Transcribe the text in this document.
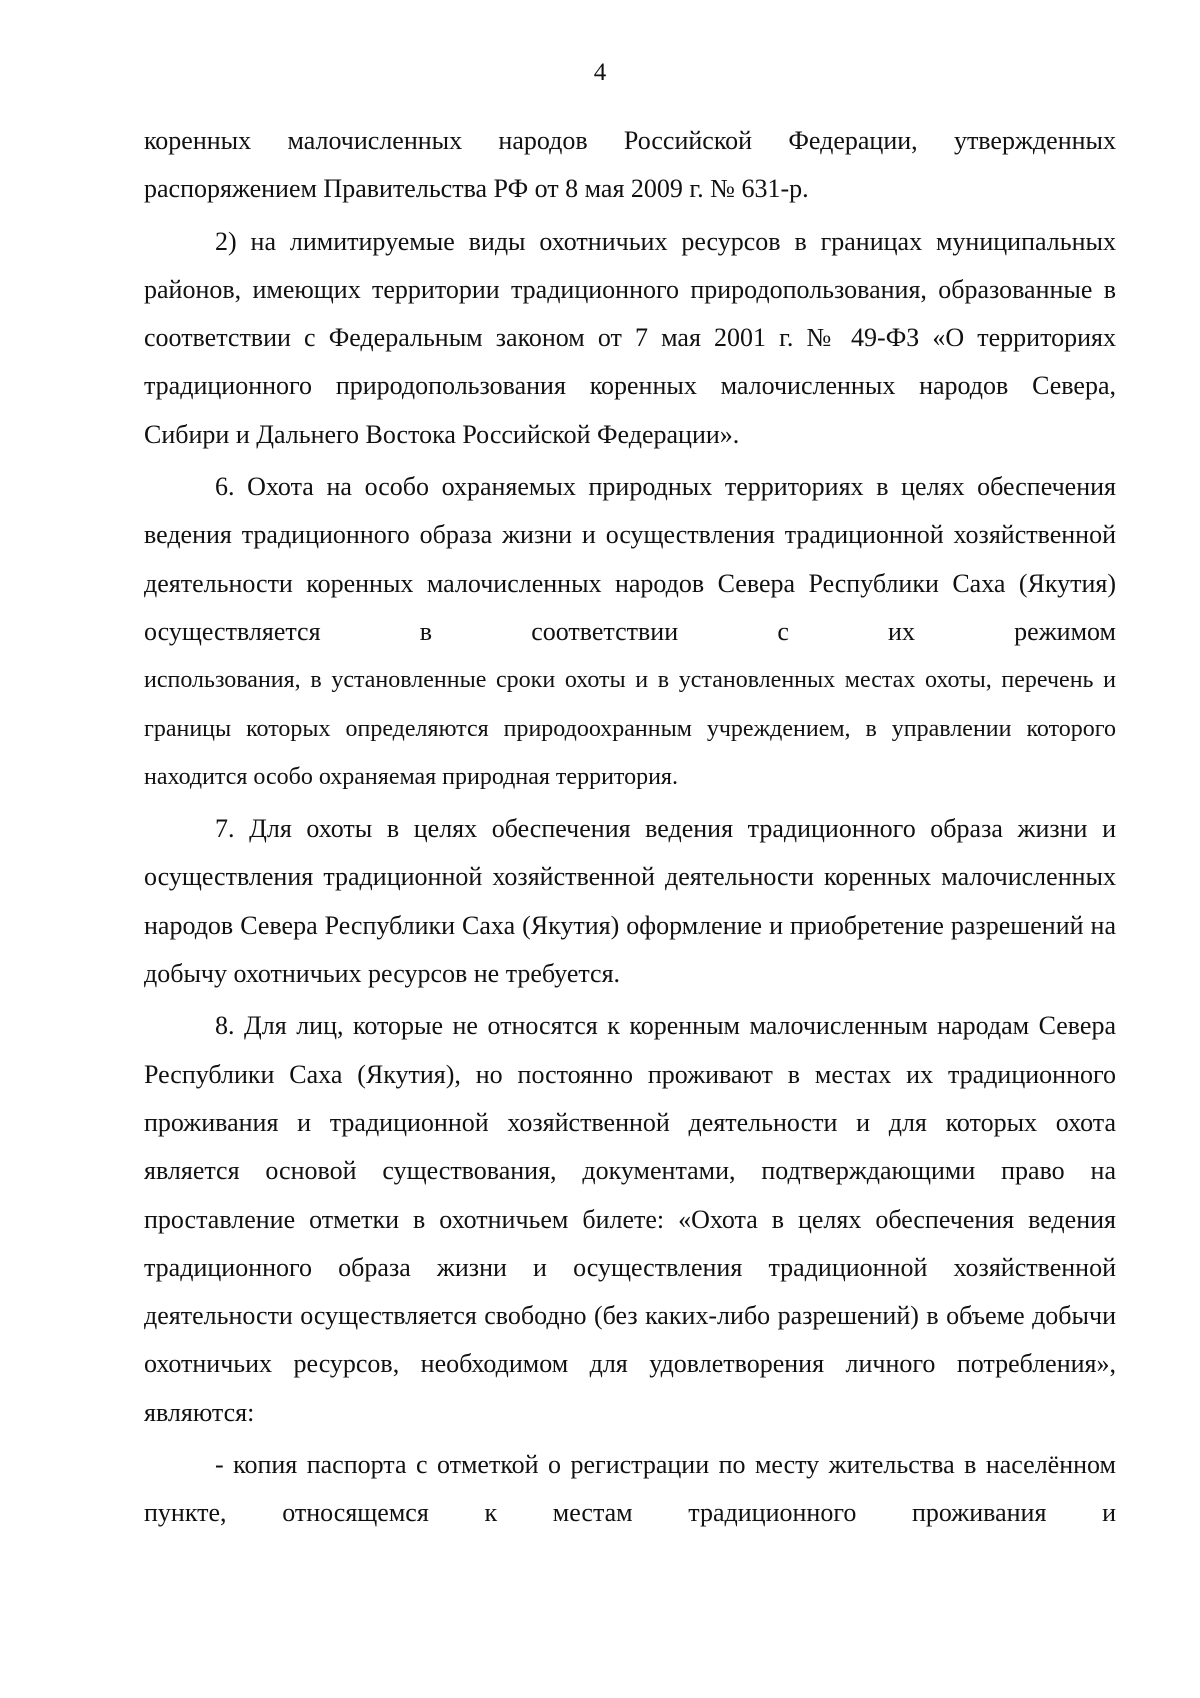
4

коренных малочисленных народов Российской Федерации, утвержденных распоряжением Правительства РФ от 8 мая 2009 г. № 631-р.

2) на лимитируемые виды охотничьих ресурсов в границах муниципальных районов, имеющих территории традиционного природопользования, образованные в соответствии с Федеральным законом от 7 мая 2001 г. № 49-ФЗ «О территориях традиционного природопользования коренных малочисленных народов Севера, Сибири и Дальнего Востока Российской Федерации».

6. Охота на особо охраняемых природных территориях в целях обеспечения ведения традиционного образа жизни и осуществления традиционной хозяйственной деятельности коренных малочисленных народов Севера Республики Саха (Якутия) осуществляется в соответствии с их режимом

использования, в установленные сроки охоты и в установленных местах охоты, перечень и границы которых определяются природоохранным учреждением, в управлении которого находится особо охраняемая природная территория.

7. Для охоты в целях обеспечения ведения традиционного образа жизни и осуществления традиционной хозяйственной деятельности коренных малочисленных народов Севера Республики Саха (Якутия) оформление и приобретение разрешений на добычу охотничьих ресурсов не требуется.

8. Для лиц, которые не относятся к коренным малочисленным народам Севера Республики Саха (Якутия), но постоянно проживают в местах их традиционного проживания и традиционной хозяйственной деятельности и для которых охота является основой существования, документами, подтверждающими право на проставление отметки в охотничьем билете: «Охота в целях обеспечения ведения традиционного образа жизни и осуществления традиционной хозяйственной деятельности осуществляется свободно (без каких-либо разрешений) в объеме добычи охотничьих ресурсов, необходимом для удовлетворения личного потребления», являются:

- копия паспорта с отметкой о регистрации по месту жительства в населённом пункте, относящемся к местам традиционного проживания и
